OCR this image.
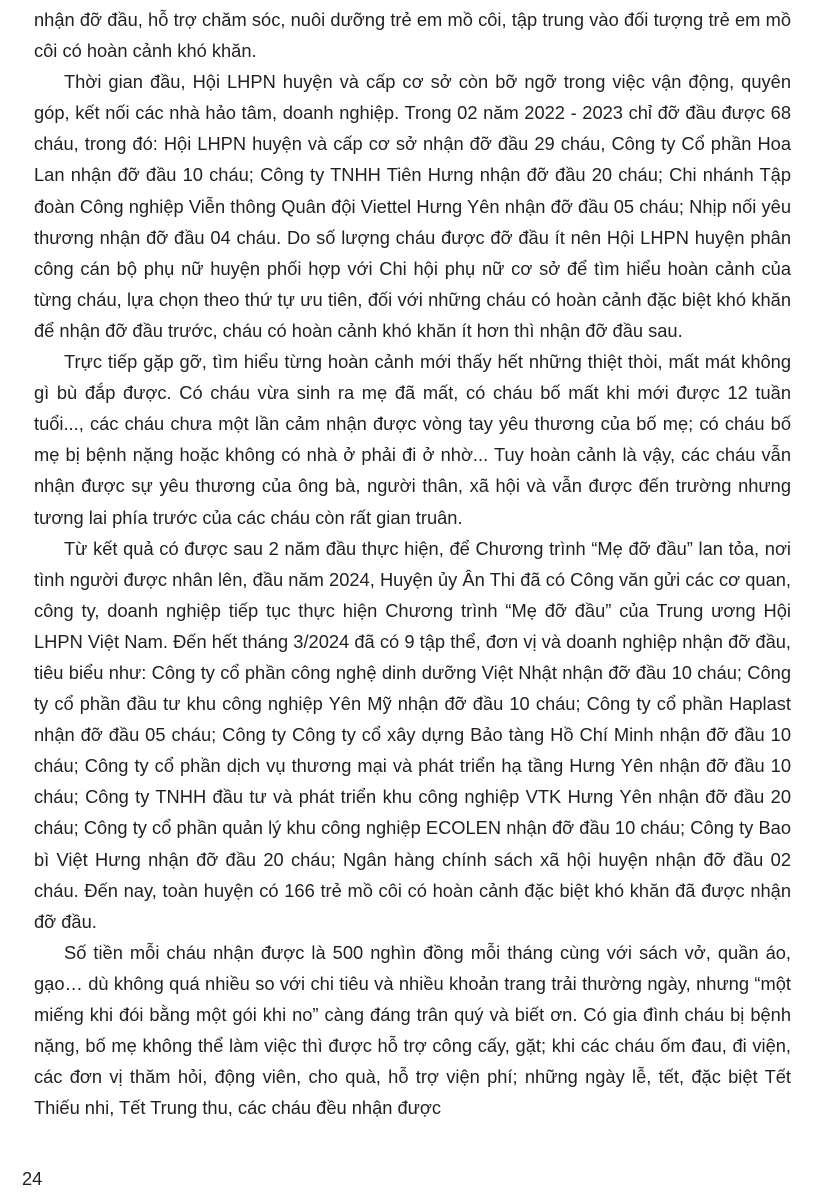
nhận đỡ đầu, hỗ trợ chăm sóc, nuôi dưỡng trẻ em mồ côi, tập trung vào đối tượng trẻ em mồ côi có hoàn cảnh khó khăn.

Thời gian đầu, Hội LHPN huyện và cấp cơ sở còn bỡ ngỡ trong việc vận động, quyên góp, kết nối các nhà hảo tâm, doanh nghiệp. Trong 02 năm 2022 - 2023 chỉ đỡ đầu được 68 cháu, trong đó: Hội LHPN huyện và cấp cơ sở nhận đỡ đầu 29 cháu, Công ty Cổ phần Hoa Lan nhận đỡ đầu 10 cháu; Công ty TNHH Tiên Hưng nhận đỡ đầu 20 cháu; Chi nhánh Tập đoàn Công nghiệp Viễn thông Quân đội Viettel Hưng Yên nhận đỡ đầu 05 cháu; Nhịp nối yêu thương nhận đỡ đầu 04 cháu. Do số lượng cháu được đỡ đầu ít nên Hội LHPN huyện phân công cán bộ phụ nữ huyện phối hợp với Chi hội phụ nữ cơ sở để tìm hiểu hoàn cảnh của từng cháu, lựa chọn theo thứ tự ưu tiên, đối với những cháu có hoàn cảnh đặc biệt khó khăn để nhận đỡ đầu trước, cháu có hoàn cảnh khó khăn ít hơn thì nhận đỡ đầu sau.

Trực tiếp gặp gỡ, tìm hiểu từng hoàn cảnh mới thấy hết những thiệt thòi, mất mát không gì bù đắp được. Có cháu vừa sinh ra mẹ đã mất, có cháu bố mất khi mới được 12 tuần tuổi..., các cháu chưa một lần cảm nhận được vòng tay yêu thương của bố mẹ; có cháu bố mẹ bị bệnh nặng hoặc không có nhà ở phải đi ở nhờ... Tuy hoàn cảnh là vậy, các cháu vẫn nhận được sự yêu thương của ông bà, người thân, xã hội và vẫn được đến trường nhưng tương lai phía trước của các cháu còn rất gian truân.

Từ kết quả có được sau 2 năm đầu thực hiện, để Chương trình “Mẹ đỡ đầu” lan tỏa, nơi tình người được nhân lên, đầu năm 2024, Huyện ủy Ân Thi đã có Công văn gửi các cơ quan, công ty, doanh nghiệp tiếp tục thực hiện Chương trình “Mẹ đỡ đầu” của Trung ương Hội LHPN Việt Nam. Đến hết tháng 3/2024 đã có 9 tập thể, đơn vị và doanh nghiệp nhận đỡ đầu, tiêu biểu như: Công ty cổ phần công nghệ dinh dưỡng Việt Nhật nhận đỡ đầu 10 cháu; Công ty cổ phần đầu tư khu công nghiệp Yên Mỹ nhận đỡ đầu 10 cháu; Công ty cổ phần Haplast nhận đỡ đầu 05 cháu; Công ty Công ty cổ xây dựng Bảo tàng Hồ Chí Minh nhận đỡ đầu 10 cháu; Công ty cổ phần dịch vụ thương mại và phát triển hạ tầng Hưng Yên nhận đỡ đầu 10 cháu; Công ty TNHH đầu tư và phát triển khu công nghiệp VTK Hưng Yên nhận đỡ đầu 20 cháu; Công ty cổ phần quản lý khu công nghiệp ECOLEN nhận đỡ đầu 10 cháu; Công ty Bao bì Việt Hưng nhận đỡ đầu 20 cháu; Ngân hàng chính sách xã hội huyện nhận đỡ đầu 02 cháu. Đến nay, toàn huyện có 166 trẻ mồ côi có hoàn cảnh đặc biệt khó khăn đã được nhận đỡ đầu.

Số tiền mỗi cháu nhận được là 500 nghìn đồng mỗi tháng cùng với sách vở, quần áo, gạo… dù không quá nhiều so với chi tiêu và nhiều khoản trang trải thường ngày, nhưng “một miếng khi đói bằng một gói khi no” càng đáng trân quý và biết ơn. Có gia đình cháu bị bệnh nặng, bố mẹ không thể làm việc thì được hỗ trợ công cấy, gặt; khi các cháu ốm đau, đi viện, các đơn vị thăm hỏi, động viên, cho quà, hỗ trợ viện phí; những ngày lễ, tết, đặc biệt Tết Thiếu nhi, Tết Trung thu, các cháu đều nhận được

24
